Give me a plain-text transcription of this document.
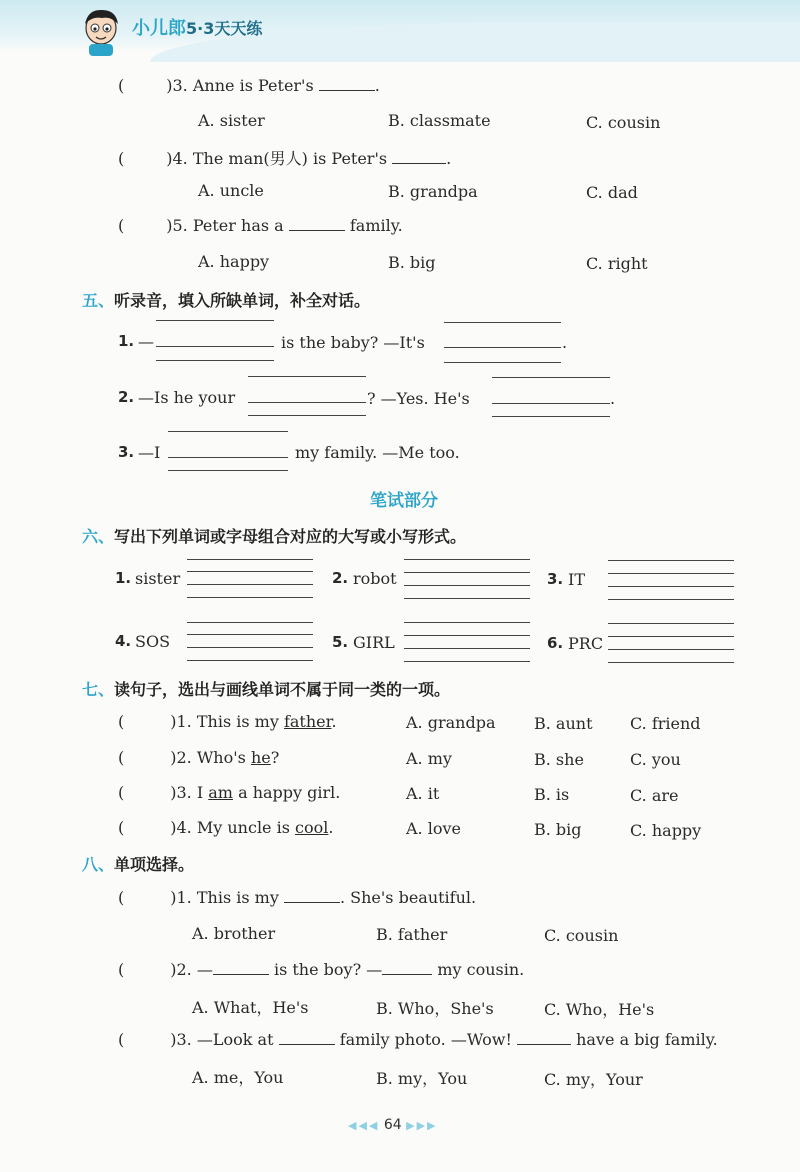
小儿郎5·3天天练
(	)3. Anne is Peter's	.
A. sister	B. classmate	C. cousin
(	)4. The man(男人) is Peter's	.
A. uncle	B. grandpa	C. dad
(	)5. Peter has a	family.
A. happy	B. big	C. right
五、听录音，填入所缺单词，补全对话。
1. —	is the baby? —It's	.
2. —Is he your	? —Yes. He's	.
3. —I	my family. —Me too.
笔试部分
六、写出下列单词或字母组合对应的大写或小写形式。
1. sister	2. robot	3. IT
4. SOS	5. GIRL	6. PRC
七、读句子，选出与画线单词不属于同一类的一项。
(	)1. This is my father.	A. grandpa B. aunt C. friend
(	)2. Who's he?	A. my	B. she	C. you
(	)3. I am a happy girl.	A. it	B. is	C. are
(	)4. My uncle is cool.	A. love	B. big	C. happy
八、单项选择。
(	)1. This is my	. She's beautiful.
A. brother	B. father	C. cousin
(	)2. —	is the boy? —	my cousin.
A. What，He's	B. Who，She's	C. Who，He's
(	)3. —Look at	family photo. —Wow!	have a big family.
A. me，You	B. my，You	C. my，Your
◀◀◀ 64 ▶▶▶
